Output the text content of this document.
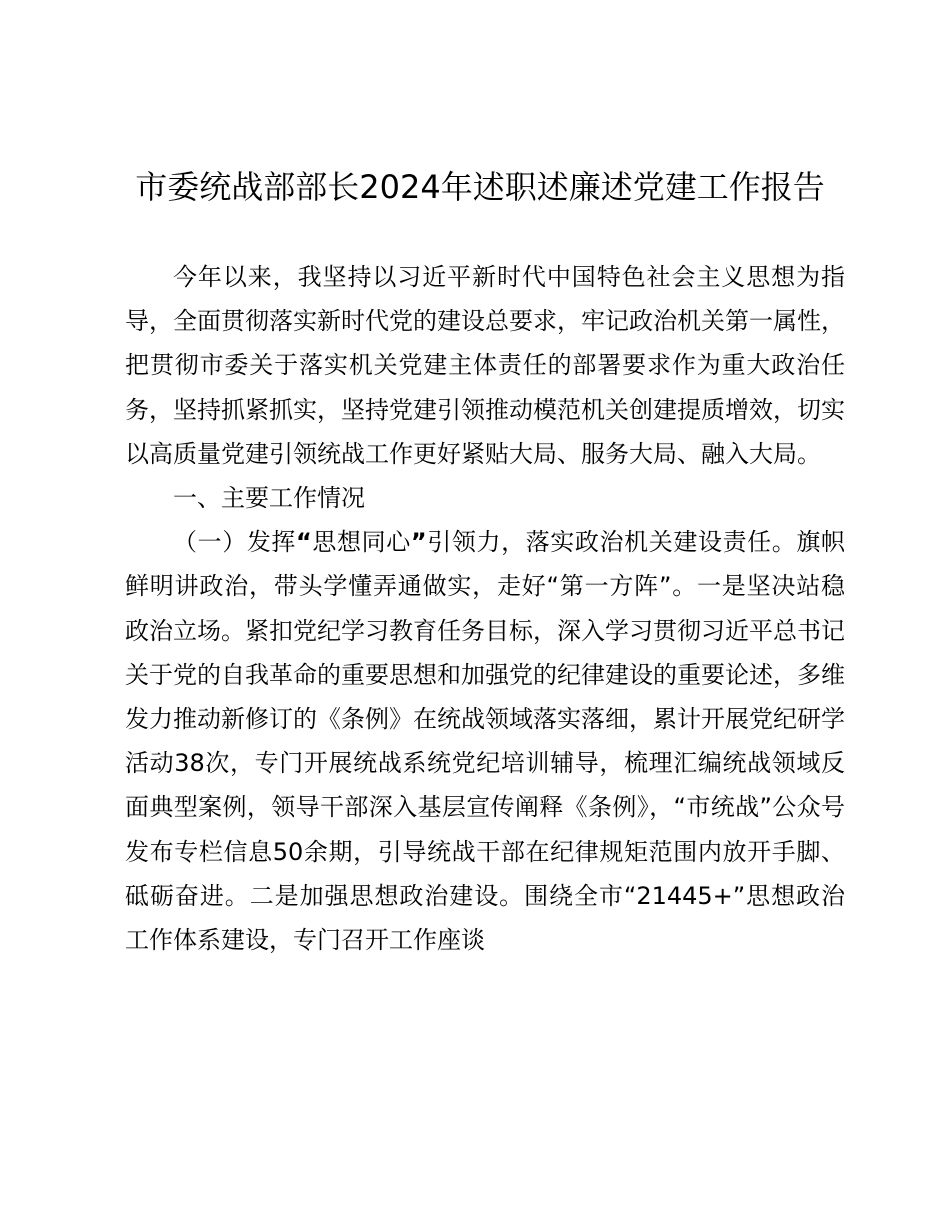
市委统战部部长2024年述职述廉述党建工作报告

今年以来，我坚持以习近平新时代中国特色社会主义思想为指导，全面贯彻落实新时代党的建设总要求，牢记政治机关第一属性，把贯彻市委关于落实机关党建主体责任的部署要求作为重大政治任务，坚持抓紧抓实，坚持党建引领推动模范机关创建提质增效，切实以高质量党建引领统战工作更好紧贴大局、服务大局、融入大局。

一、主要工作情况

（一）发挥“思想同心”引领力，落实政治机关建设责任。旗帜鲜明讲政治，带头学懂弄通做实，走好“第一方阵”。一是坚决站稳政治立场。紧扣党纪学习教育任务目标，深入学习贯彻习近平总书记关于党的自我革命的重要思想和加强党的纪律建设的重要论述，多维发力推动新修订的《条例》在统战领域落实落细，累计开展党纪研学活动38次，专门开展统战系统党纪培训辅导，梳理汇编统战领域反面典型案例，领导干部深入基层宣传阐释《条例》，“市统战”公众号发布专栏信息50余期，引导统战干部在纪律规矩范围内放开手脚、砥砺奋进。二是加强思想政治建设。围绕全市“21445+”思想政治工作体系建设，专门召开工作座谈
